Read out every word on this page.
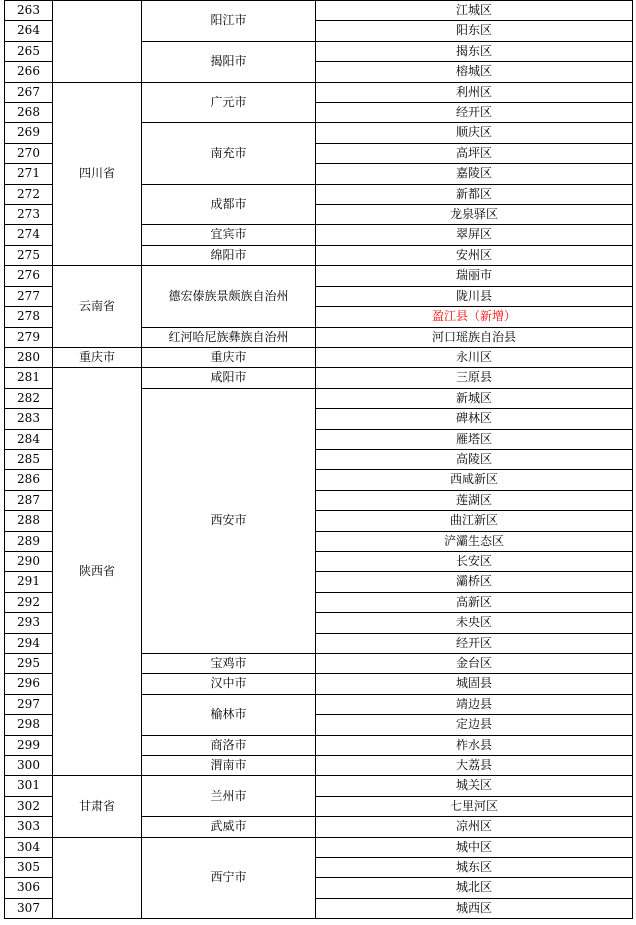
263		阳江市	江城区
264			阳东区
265		揭阳市	揭东区
266			榕城区
267	四川省	广元市	利州区
268			经开区
269		南充市	顺庆区
270			高坪区
271			嘉陵区
272		成都市	新都区
273			龙泉驿区
274		宜宾市	翠屏区
275		绵阳市	安州区
276	云南省	德宏傣族景颇族自治州	瑞丽市
277			陇川县
278			盈江县（新增）
279		红河哈尼族彝族自治州	河口瑶族自治县
280	重庆市	重庆市	永川区
281	陕西省	咸阳市	三原县
282		西安市	新城区
283			碑林区
284			雁塔区
285			高陵区
286			西咸新区
287			莲湖区
288			曲江新区
289			浐灞生态区
290			长安区
291			灞桥区
292			高新区
293			未央区
294			经开区
295		宝鸡市	金台区
296		汉中市	城固县
297		榆林市	靖边县
298			定边县
299		商洛市	柞水县
300		渭南市	大荔县
301	甘肃省	兰州市	城关区
302			七里河区
303		武威市	凉州区
304		西宁市	城中区
305			城东区
306			城北区
307			城西区
